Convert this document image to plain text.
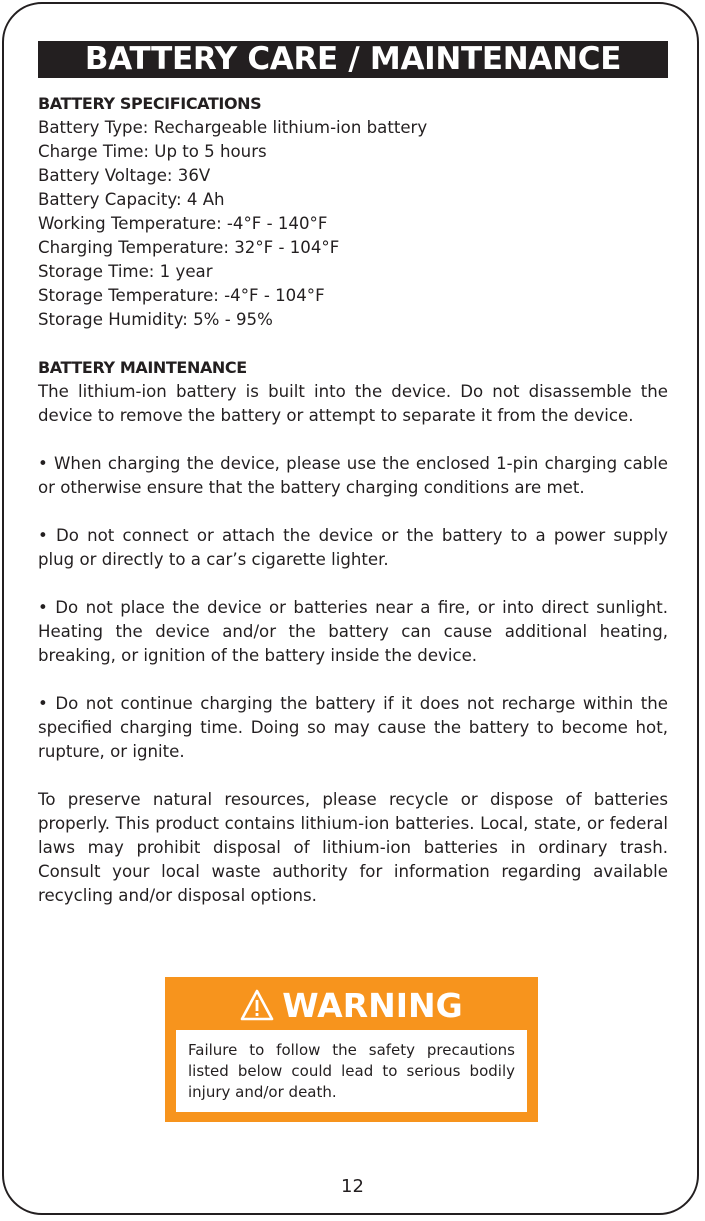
BATTERY CARE / MAINTENANCE

BATTERY SPECIFICATIONS

Battery Type: Rechargeable lithium-ion battery

Charge Time: Up to 5 hours

Battery Voltage: 36V

Battery Capacity: 4 Ah

Working Temperature: -4°F - 140°F

Charging Temperature: 32°F - 104°F

Storage Time: 1 year

Storage Temperature: -4°F - 104°F

Storage Humidity: 5% - 95%

BATTERY MAINTENANCE

The lithium-ion battery is built into the device. Do not disassemble the device to remove the battery or attempt to separate it from the device.

• When charging the device, please use the enclosed 1-pin charging cable or otherwise ensure that the battery charging conditions are met.

• Do not connect or attach the device or the battery to a power supply plug or directly to a car’s cigarette lighter.

• Do not place the device or batteries near a fire, or into direct sunlight. Heating the device and/or the battery can cause additional heating, breaking, or ignition of the battery inside the device.

• Do not continue charging the battery if it does not recharge within the specified charging time. Doing so may cause the battery to become hot, rupture, or ignite.

To preserve natural resources, please recycle or dispose of batteries properly. This product contains lithium-ion batteries. Local, state, or federal laws may prohibit disposal of lithium-ion batteries in ordinary trash. Consult your local waste authority for information regarding available recycling and/or disposal options.

WARNING
Failure to follow the safety precautions listed below could lead to serious bodily injury and/or death.
12
